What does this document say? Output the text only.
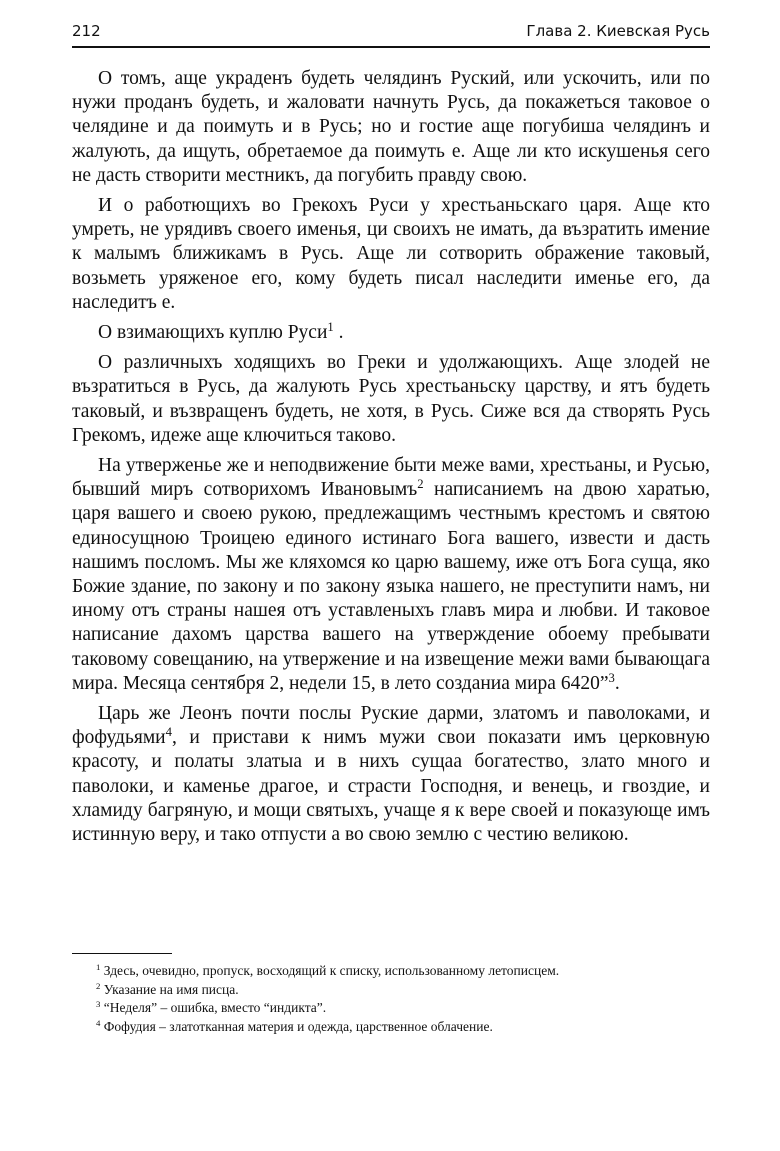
212	Глава 2. Киевская Русь

О томъ, аще украденъ будеть челядинъ Руский, или ускочить, или по нужи проданъ будеть, и жаловати начнуть Русь, да покажеться таковое о челядине и да поимуть и в Русь; но и гостие аще погубиша челядинъ и жалують, да ищуть, обретаемое да поимуть е. Аще ли кто искушенья сего не дасть створити местникъ, да погубить правду свою.

И о работющихъ во Грекохъ Руси у хрестьаньскаго царя. Аще кто умреть, не урядивъ своего именья, ци своихъ не имать, да възратить имение к малымъ ближикамъ в Русь. Аще ли сотворить ображение таковый, возьметь уряженое его, кому будеть писал наследити именье его, да наследитъ е.

О взимающихъ куплю Руси$^1$ .

О различныхъ ходящихъ во Греки и удолжающихъ. Аще злодей не възратиться в Русь, да жалують Русь хрестьаньску царству, и ятъ будеть таковый, и възвращенъ будеть, не хотя, в Русь. Сиже вся да створять Русь Грекомъ, идеже аще ключиться таково.

На утверженье же и неподвижение быти меже вами, хрестьаны, и Русью, бывший миръ сотворихомъ Ивановымъ$^2$ написаниемъ на двою харатью, царя вашего и своею рукою, предлежащимъ честнымъ крестомъ и святою единосущною Троицею единого истинаго Бога вашего, извести и дасть нашимъ посломъ. Мы же кляхомся ко царю вашему, иже отъ Бога суща, яко Божие здание, по закону и по закону языка нашего, не преступити намъ, ни иному отъ страны нашея отъ уставленыхъ главъ мира и любви. И таковое написание дахомъ царства вашего на утверждение обоему пребывати таковому совещанию, на утвержение и на извещение межи вами бывающага мира. Месяца сентября 2, недели 15, в лето созданиа мира 6420”$^3$.

Царь же Леонъ почти послы Руские дарми, златомъ и паволоками, и фофудьями$^4$, и пристави к нимъ мужи свои показати имъ церковную красоту, и полаты златыа и в нихъ сущаа богатество, злато много и паволоки, и каменье драгое, и страсти Господня, и венець, и гвоздие, и хламиду багряную, и мощи святыхъ, учаще я к вере своей и показующе имъ истинную веру, и тако отпусти а во свою землю с честию великою.

$^1$ Здесь, очевидно, пропуск, восходящий к списку, использованному летописцем.

$^2$ Указание на имя писца.

$^3$ “Неделя” – ошибка, вместо “индикта”.

$^4$ Фофудия – златотканная материя и одежда, царственное облачение.
